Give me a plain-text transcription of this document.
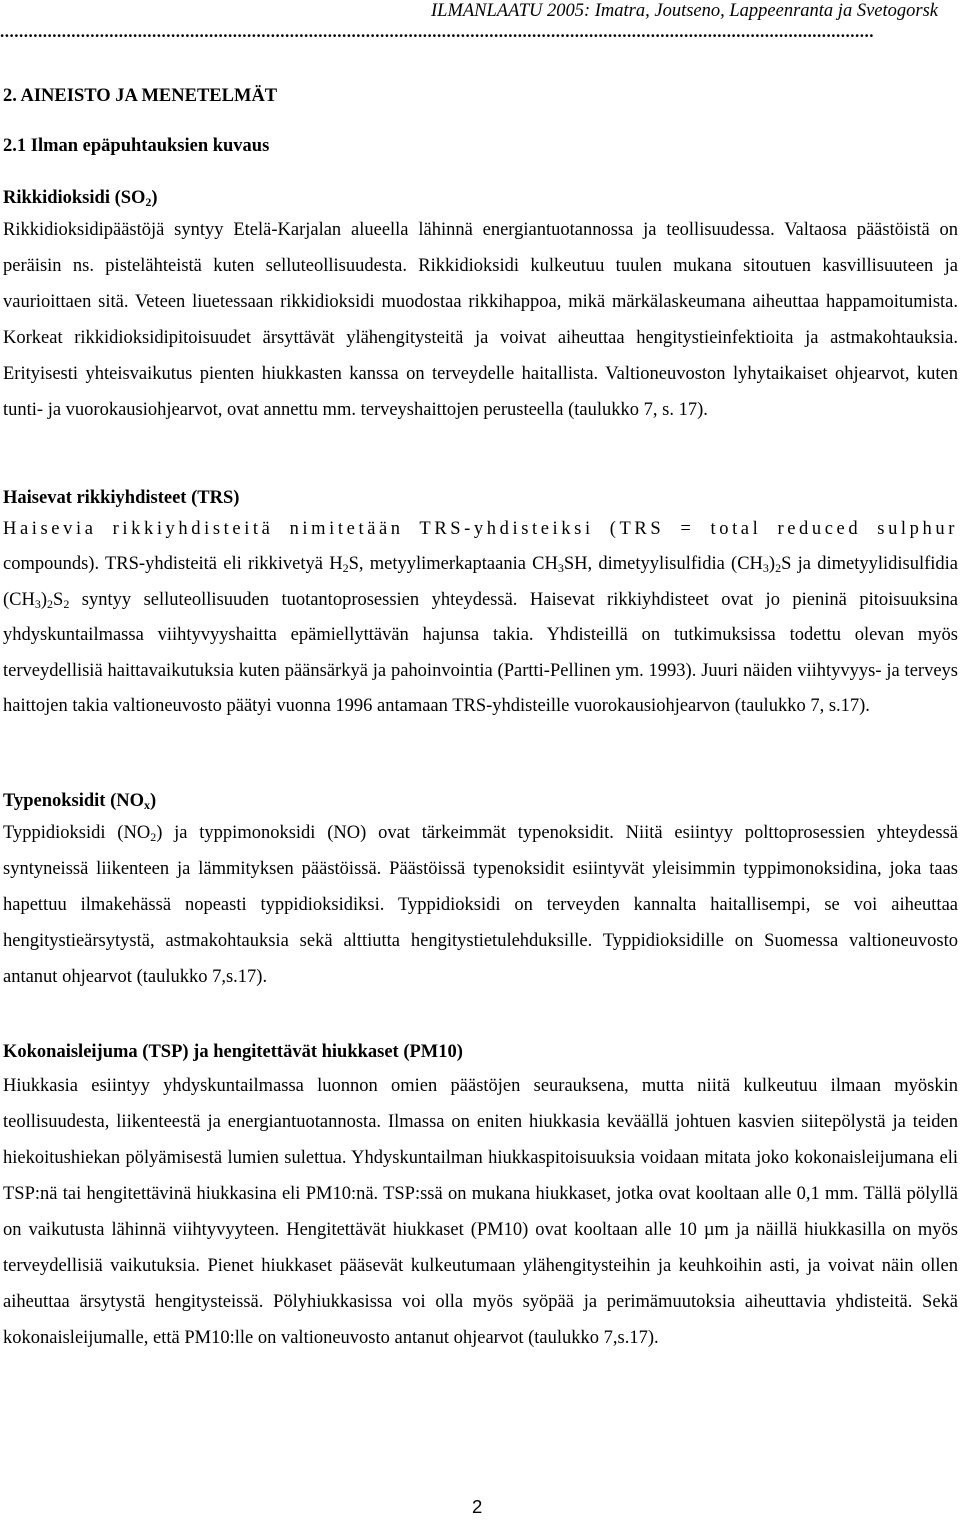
ILMANLAATU 2005: Imatra, Joutseno, Lappeenranta ja Svetogorsk
........................................................................................................................................................................................
2. AINEISTO JA MENETELMÄT
2.1 Ilman epäpuhtauksien kuvaus
Rikkidioksidi $(SO_2)$

Rikkidioksidipäästöjä syntyy Etelä-Karjalan alueella lähinnä energiantuotannossa ja teollisuudessa. Valtaosa päästöistä on peräisin ns. pistelähteistä kuten selluteollisuudesta. Rikkidioksidi kulkeutuu tuulen mukana sitoutuen kasvillisuuteen ja vaurioittaen sitä. Veteen liuetessaan rikkidioksidi muodostaa rikkihappoa, mikä märkälaskeumana aiheuttaa happamoitumista. Korkeat rikkidioksidipitoisuudet ärsyttävät ylähengitysteitä ja voivat aiheuttaa hengitystieinfektioita ja astmakohtauksia. Erityisesti yhteisvaikutus pienten hiukkasten kanssa on terveydelle haitallista. Valtioneuvoston lyhytaikaiset ohjearvot, kuten tunti- ja vuorokausiohjearvot, ovat annettu mm. terveyshaittojen perusteella (taulukko 7, s. 17).

Haisevat rikkiyhdisteet (TRS)
Haisevia rikkiyhdisteitä nimitetään TRS-yhdisteiksi (TRS = total reduced sulphur
compounds). TRS-yhdisteitä eli rikkivetyä $H_2S$, metyylimerkaptaania $CH_3SH$, dimetyylisulfidia $(CH_3)_2S$ ja dimetyylidisulfidia $(CH_3)_2S_2$ syntyy selluteollisuuden tuotantoprosessien yhteydessä. Haisevat rikkiyhdisteet ovat jo pieninä pitoisuuksina yhdyskuntailmassa viihtyvyyshaitta epämiellyttävän hajunsa takia. Yhdisteillä on tutkimuksissa todettu olevan myös terveydellisiä haittavaikutuksia kuten päänsärkyä ja pahoinvointia (Partti-Pellinen ym. 1993). Juuri näiden viihtyvyys- ja terveys haittojen takia valtioneuvosto päätyi vuonna 1996 antamaan TRS-yhdisteille vuorokausiohjearvon (taulukko 7, s.17).
Typenoksidit $(NO_x)$

Typpidioksidi $(NO_2)$ ja typpimonoksidi (NO) ovat tärkeimmät typenoksidit. Niitä esiintyy polttoprosessien yhteydessä syntyneissä liikenteen ja lämmityksen päästöissä. Päästöissä typenoksidit esiintyvät yleisimmin typpimonoksidina, joka taas hapettuu ilmakehässä nopeasti typpidioksidiksi. Typpidioksidi on terveyden kannalta haitallisempi, se voi aiheuttaa hengitystieärsytystä, astmakohtauksia sekä alttiutta hengitystietulehduksille. Typpidioksidille on Suomessa valtioneuvosto antanut ohjearvot (taulukko 7,s.17).

Kokonaisleijuma (TSP) ja hengitettävät hiukkaset (PM10)

Hiukkasia esiintyy yhdyskuntailmassa luonnon omien päästöjen seurauksena, mutta niitä kulkeutuu ilmaan myöskin teollisuudesta, liikenteestä ja energiantuotannosta. Ilmassa on eniten hiukkasia keväällä johtuen kasvien siitepölystä ja teiden hiekoitushiekan pölyämisestä lumien sulettua. Yhdyskuntailman hiukkaspitoisuuksia voidaan mitata joko kokonaisleijumana eli TSP:nä tai hengitettävinä hiukkasina eli PM10:nä. TSP:ssä on mukana hiukkaset, jotka ovat kooltaan alle 0,1 mm. Tällä pölyllä on vaikutusta lähinnä viihtyvyyteen. Hengitettävät hiukkaset (PM10) ovat kooltaan alle 10 µm ja näillä hiukkasilla on myös terveydellisiä vaikutuksia. Pienet hiukkaset pääsevät kulkeutumaan ylähengitysteihin ja keuhkoihin asti, ja voivat näin ollen aiheuttaa ärsytystä hengitysteissä. Pölyhiukkasissa voi olla myös syöpää ja perimämuutoksia aiheuttavia yhdisteitä. Sekä kokonaisleijumalle, että PM10:lle on valtioneuvosto antanut ohjearvot (taulukko 7,s.17).

2
